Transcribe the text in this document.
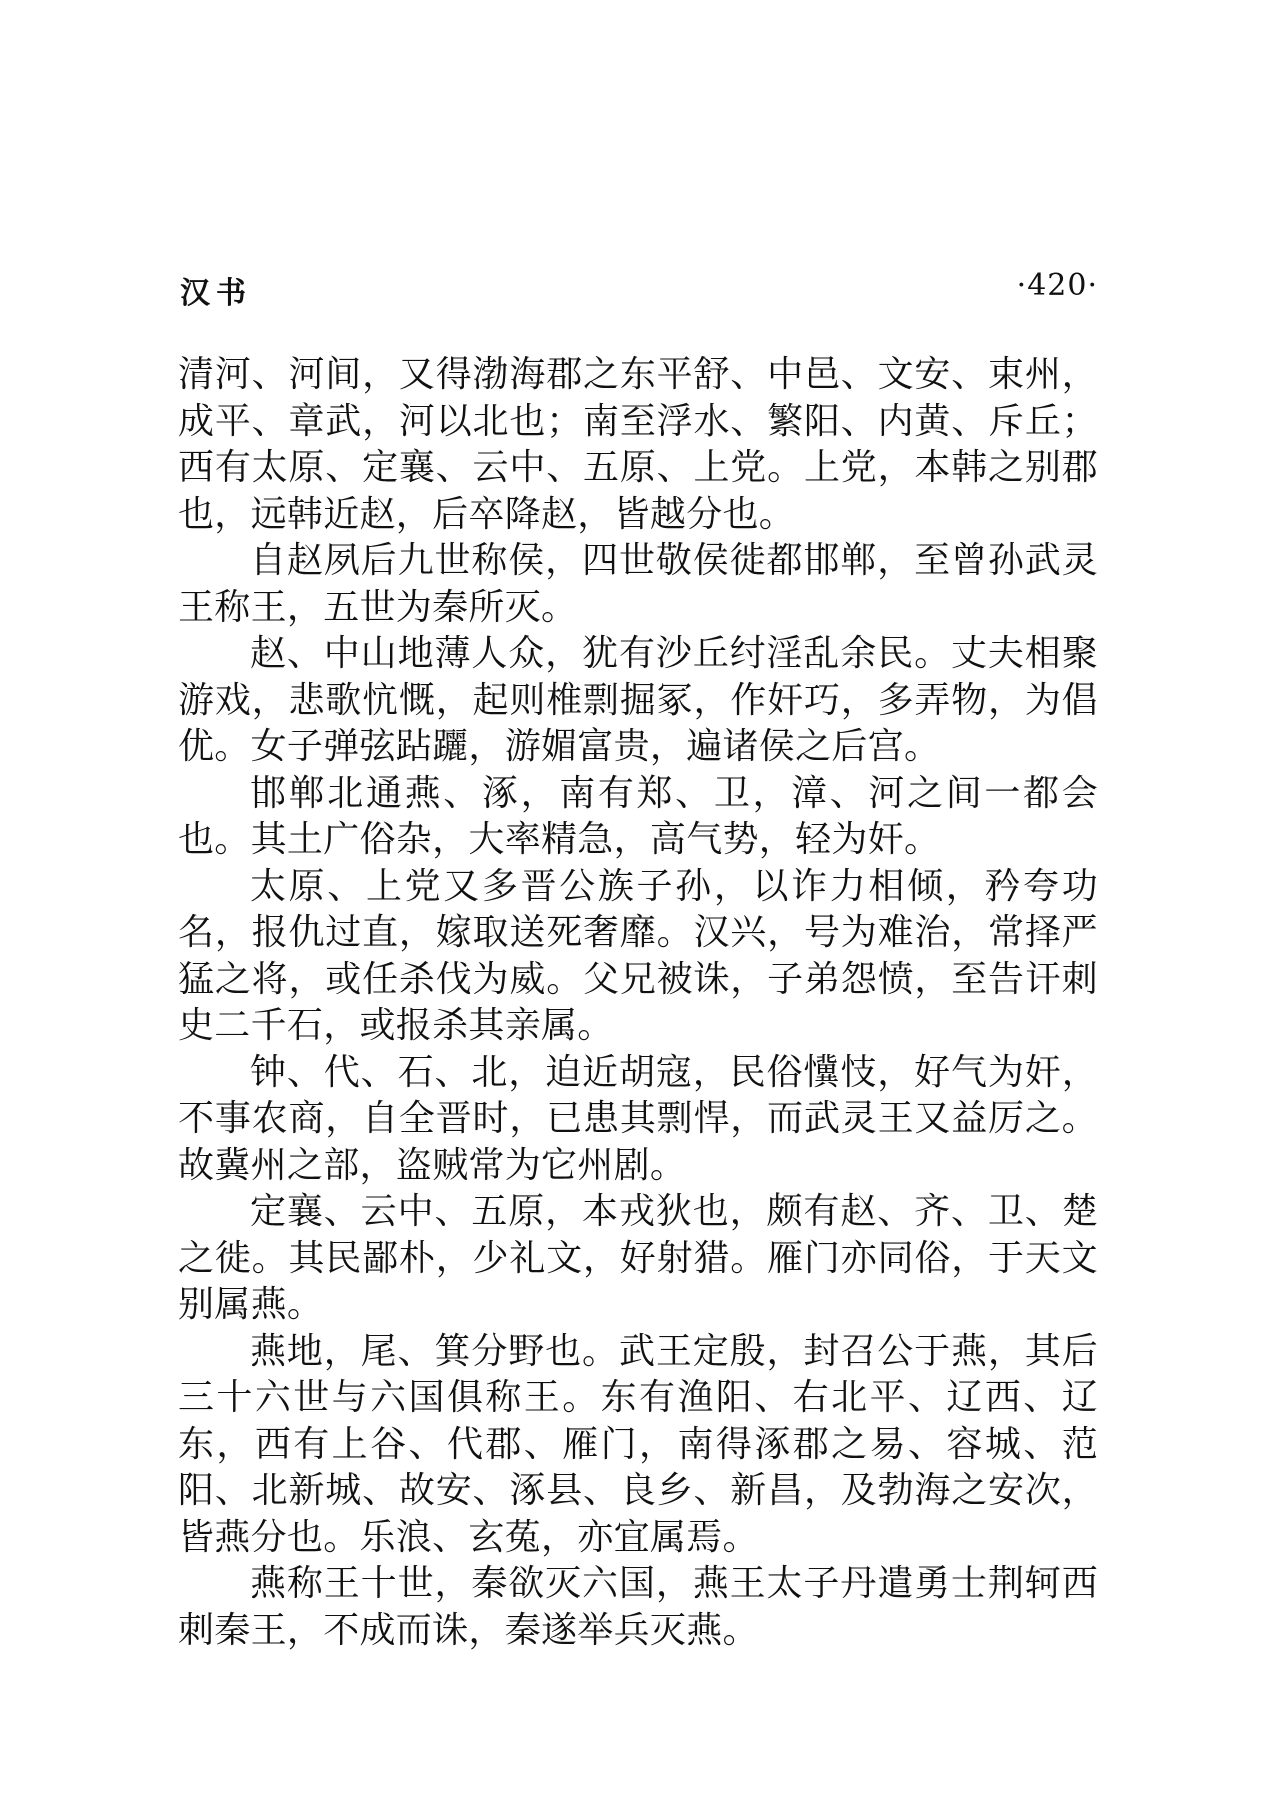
汉书	·420·

清河、河间，又得渤海郡之东平舒、中邑、文安、束州，成平、章武，河以北也；南至浮水、繁阳、内黄、斥丘；西有太原、定襄、云中、五原、上党。上党，本韩之别郡也，远韩近赵，后卒降赵，皆越分也。

自赵夙后九世称侯，四世敬侯徙都邯郸，至曾孙武灵王称王，五世为秦所灭。

赵、中山地薄人众，犹有沙丘纣淫乱余民。丈夫相聚游戏，悲歌忼慨，起则椎剽掘冢，作奸巧，多弄物，为倡优。女子弹弦跕躧，游媚富贵，遍诸侯之后宫。

邯郸北通燕、涿，南有郑、卫，漳、河之间一都会也。其土广俗杂，大率精急，高气势，轻为奸。

太原、上党又多晋公族子孙，以诈力相倾，矜夸功名，报仇过直，嫁取送死奢靡。汉兴，号为难治，常择严猛之将，或任杀伐为威。父兄被诛，子弟怨愤，至告讦刺史二千石，或报杀其亲属。

钟、代、石、北，迫近胡寇，民俗懻忮，好气为奸，不事农商，自全晋时，已患其剽悍，而武灵王又益厉之。故冀州之部，盗贼常为它州剧。

定襄、云中、五原，本戎狄也，颇有赵、齐、卫、楚之徙。其民鄙朴，少礼文，好射猎。雁门亦同俗，于天文别属燕。

燕地，尾、箕分野也。武王定殷，封召公于燕，其后三十六世与六国俱称王。东有渔阳、右北平、辽西、辽东，西有上谷、代郡、雁门，南得涿郡之易、容城、范阳、北新城、故安、涿县、良乡、新昌，及勃海之安次，皆燕分也。乐浪、玄菟，亦宜属焉。

燕称王十世，秦欲灭六国，燕王太子丹遣勇士荆轲西刺秦王，不成而诛，秦遂举兵灭燕。
